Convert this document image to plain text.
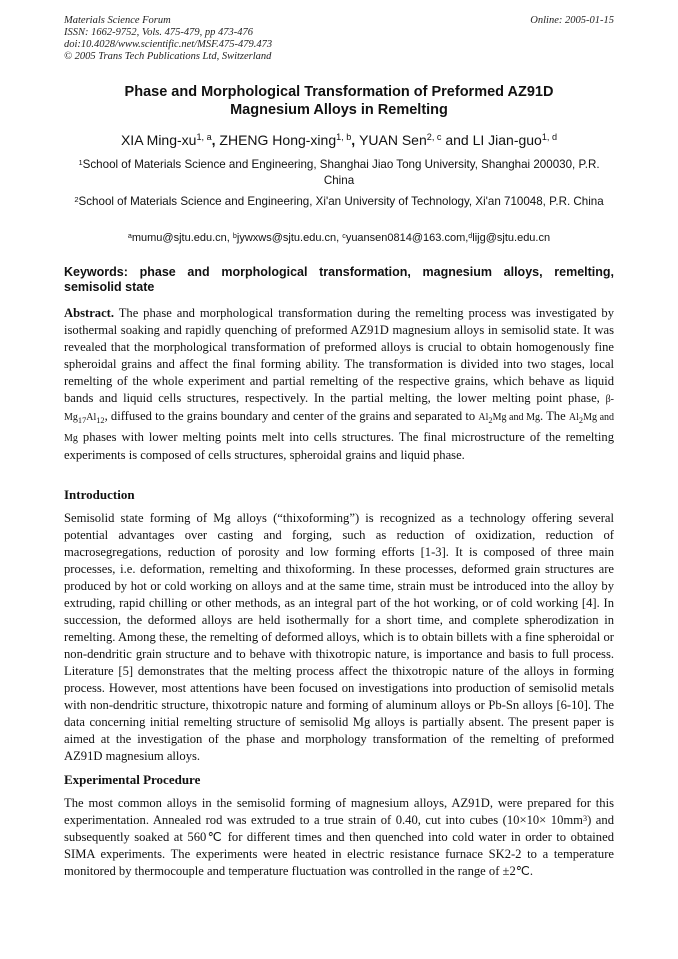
Materials Science Forum
ISSN: 1662-9752, Vols. 475-479, pp 473-476
doi:10.4028/www.scientific.net/MSF.475-479.473
© 2005 Trans Tech Publications Ltd, Switzerland
Online: 2005-01-15
Phase and Morphological Transformation of Preformed AZ91D
Magnesium Alloys in Remelting
XIA Ming-xu$^{1, a}$, ZHENG Hong-xing$^{1, b}$, YUAN Sen$^{2, c}$ and LI Jian-guo$^{1, d}$
$^1$School of Materials Science and Engineering, Shanghai Jiao Tong University, Shanghai 200030, P.R. China
$^2$School of Materials Science and Engineering, Xi'an University of Technology, Xi'an 710048, P.R. China
$^a$mumu@sjtu.edu.cn, $^b$jywxws@sjtu.edu.cn, $^c$yuansen0814@163.com,$^d$lijg@sjtu.edu.cn
Keywords: phase and morphological transformation, magnesium alloys, remelting, semisolid state
Abstract. The phase and morphological transformation during the remelting process was investigated by isothermal soaking and rapidly quenching of preformed AZ91D magnesium alloys in semisolid state. It was revealed that the morphological transformation of preformed alloys is crucial to obtain homogenously fine spheroidal grains and affect the final forming ability. The transformation is divided into two stages, local remelting of the whole experiment and partial remelting of the respective grains, which behave as liquid bands and liquid cells structures, respectively. In the partial melting, the lower melting point phase, $\beta-Mg_{17}Al_{12}$, diffused to the grains boundary and center of the grains and separated to $Al_2Mg$ and Mg. The $Al_2Mg$ and Mg phases with lower melting points melt into cells structures. The final microstructure of the remelting experiments is composed of cells structures, spheroidal grains and liquid phase.
Introduction
Semisolid state forming of Mg alloys (“thixoforming”) is recognized as a technology offering several potential advantages over casting and forging, such as reduction of oxidization, reduction of macrosegregations, reduction of porosity and low forming efforts [1-3]. It is composed of three main processes, i.e. deformation, remelting and thixoforming. In these processes, deformed grain structures are produced by hot or cold working on alloys and at the same time, strain must be introduced into the alloy by extruding, rapid chilling or other methods, as an integral part of the hot working, or of cold working [4]. In succession, the deformed alloys are held isothermally for a short time, and complete spherodization in remelting. Among these, the remelting of deformed alloys, which is to obtain billets with a fine spheroidal or non-dendritic grain structure and to behave with thixotropic nature, is importance and basis to full process. Literature [5] demonstrates that the melting process affect the thixotropic nature of the alloys in forming process. However, most attentions have been focused on investigations into production of semisolid metals with non-dendritic structure, thixotropic nature and forming of aluminum alloys or Pb-Sn alloys [6-10]. The data concerning initial remelting structure of semisolid Mg alloys is partially absent. The present paper is aimed at the investigation of the phase and morphology transformation of the remelting of preformed AZ91D magnesium alloys.
Experimental Procedure
The most common alloys in the semisolid forming of magnesium alloys, AZ91D, were prepared for this experimentation. Annealed rod was extruded to a true strain of 0.40, cut into cubes $(10\times 10\times 10mm^3)$ and subsequently soaked at 560℃ for different times and then quenched into cold water in order to obtained SIMA experiments. The experiments were heated in electric resistance furnace SK2-2 to a temperature monitored by thermocouple and temperature fluctuation was controlled in the range of ±2℃.
